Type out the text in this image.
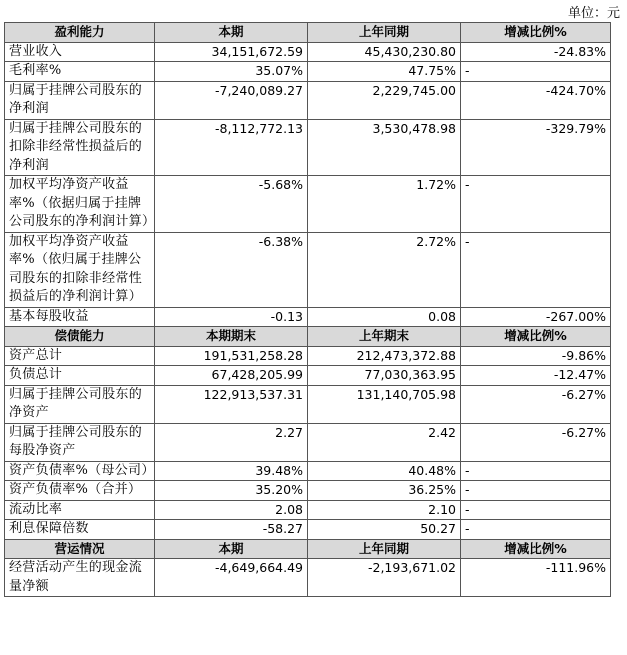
单位：元
盈利能力	本期	上年同期	增减比例%
营业收入	34,151,672.59	45,430,230.80	-24.83%
毛利率%	35.07%	47.75%	-
归属于挂牌公司股东的净利润	-7,240,089.27	2,229,745.00	-424.70%
归属于挂牌公司股东的扣除非经常性损益后的净利润	-8,112,772.13	3,530,478.98	-329.79%
加权平均净资产收益率%（依据归属于挂牌公司股东的净利润计算）	-5.68%	1.72%	-
加权平均净资产收益率%（依归属于挂牌公司股东的扣除非经常性损益后的净利润计算）	-6.38%	2.72%	-
基本每股收益	-0.13	0.08	-267.00%
偿债能力	本期期末	上年期末	增减比例%
资产总计	191,531,258.28	212,473,372.88	-9.86%
负债总计	67,428,205.99	77,030,363.95	-12.47%
归属于挂牌公司股东的净资产	122,913,537.31	131,140,705.98	-6.27%
归属于挂牌公司股东的每股净资产	2.27	2.42	-6.27%
资产负债率%（母公司）	39.48%	40.48%	-
资产负债率%（合并）	35.20%	36.25%	-
流动比率	2.08	2.10	-
利息保障倍数	-58.27	50.27	-
营运情况	本期	上年同期	增减比例%
经营活动产生的现金流量净额	-4,649,664.49	-2,193,671.02	-111.96%
